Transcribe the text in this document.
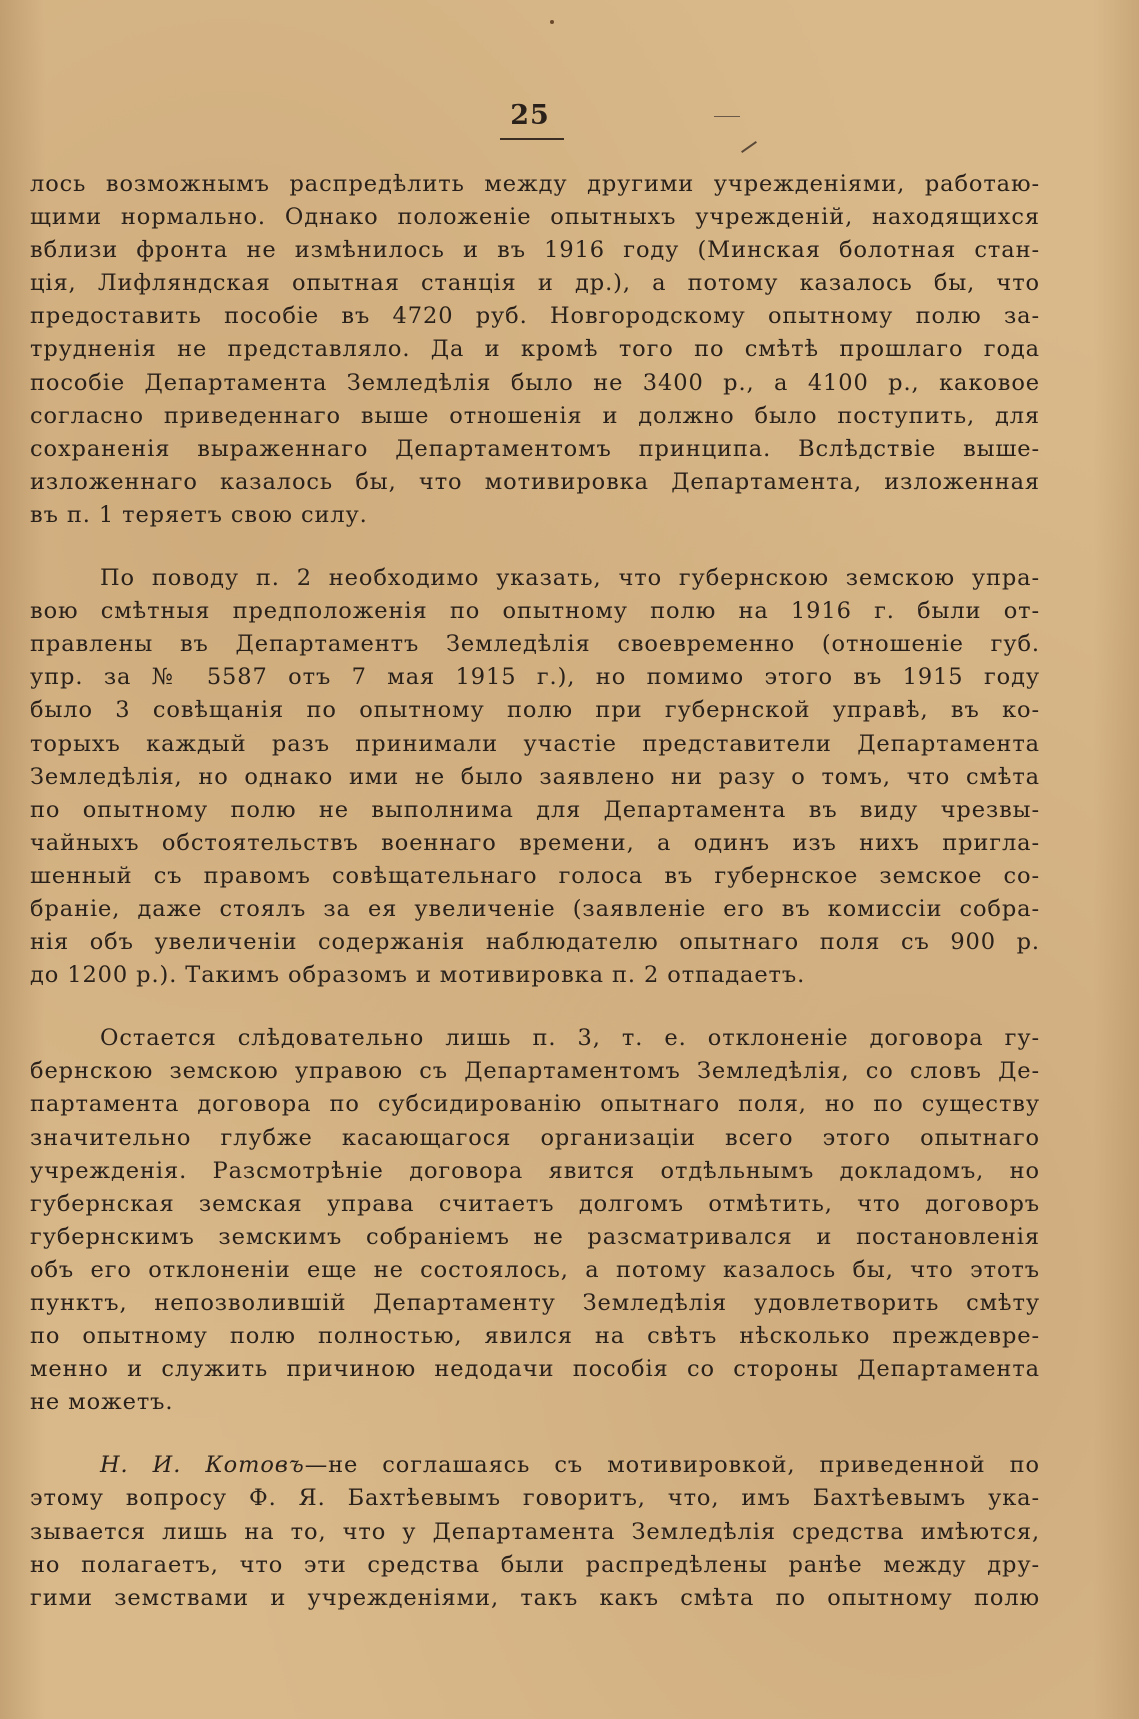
25
лось возможнымъ распредѣлить между другими учрежденіями, работаю-
щими нормально. Однако положеніе опытныхъ учрежденій, находящихся
вблизи фронта не измѣнилось и въ 1916 году (Минская болотная стан-
ція, Лифляндская опытная станція и др.), а потому казалось бы, что
предоставить пособіе въ 4720 руб. Новгородскому опытному полю за-
трудненія не представляло. Да и кромѣ того по смѣтѣ прошлаго года
пособіе Департамента Земледѣлія было не 3400 р., а 4100 р., каковое
согласно приведеннаго выше отношенія и должно было поступить, для
сохраненія выраженнаго Департаментомъ принципа. Вслѣдствіе выше-
изложеннаго казалось бы, что мотивировка Департамента, изложенная
въ п. 1 теряетъ свою силу.
По поводу п. 2 необходимо указать, что губернскою земскою упра-
вою смѣтныя предположенія по опытному полю на 1916 г. были от-
правлены въ Департаментъ Земледѣлія своевременно (отношеніе губ.
упр. за № 5587 отъ 7 мая 1915 г.), но помимо этого въ 1915 году
было 3 совѣщанія по опытному полю при губернской управѣ, въ ко-
торыхъ каждый разъ принимали участіе представители Департамента
Земледѣлія, но однако ими не было заявлено ни разу о томъ, что смѣта
по опытному полю не выполнима для Департамента въ виду чрезвы-
чайныхъ обстоятельствъ военнаго времени, а одинъ изъ нихъ пригла-
шенный съ правомъ совѣщательнаго голоса въ губернское земское со-
браніе, даже стоялъ за ея увеличеніе (заявленіе его въ комиссіи собра-
нія объ увеличеніи содержанія наблюдателю опытнаго поля съ 900 р.
до 1200 р.). Такимъ образомъ и мотивировка п. 2 отпадаетъ.
Остается слѣдовательно лишь п. 3, т. е. отклоненіе договора гу-
бернскою земскою управою съ Департаментомъ Земледѣлія, со словъ Де-
партамента договора по субсидированію опытнаго поля, но по существу
значительно глубже касающагося организаціи всего этого опытнаго
учрежденія. Разсмотрѣніе договора явится отдѣльнымъ докладомъ, но
губернская земская управа считаетъ долгомъ отмѣтить, что договоръ
губернскимъ земскимъ собраніемъ не разсматривался и постановленія
объ его отклоненіи еще не состоялось, а потому казалось бы, что этотъ
пунктъ, непозволившій Департаменту Земледѣлія удовлетворить смѣту
по опытному полю полностью, явился на свѣтъ нѣсколько преждевре-
менно и служить причиною недодачи пособія со стороны Департамента
не можетъ.
Н. И. Котовъ—не соглашаясь съ мотивировкой, приведенной по
этому вопросу Ф. Я. Бахтѣевымъ говоритъ, что, имъ Бахтѣевымъ ука-
зывается лишь на то, что у Департамента Земледѣлія средства имѣются,
но полагаетъ, что эти средства были распредѣлены ранѣе между дру-
гими земствами и учрежденіями, такъ какъ смѣта по опытному полю
